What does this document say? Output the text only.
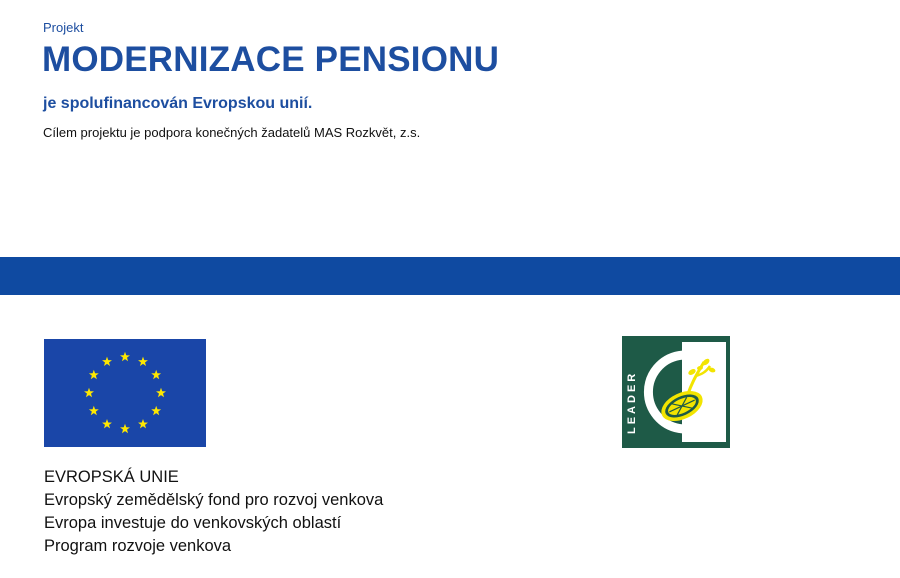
Projekt
MODERNIZACE PENSIONU
je spolufinancován Evropskou unií.
Cílem projektu je podpora konečných žadatelů MAS Rozkvět, z.s.
LEADER
EVROPSKÁ UNIE
Evropský zemědělský fond pro rozvoj venkova
Evropa investuje do venkovských oblastí
Program rozvoje venkova
